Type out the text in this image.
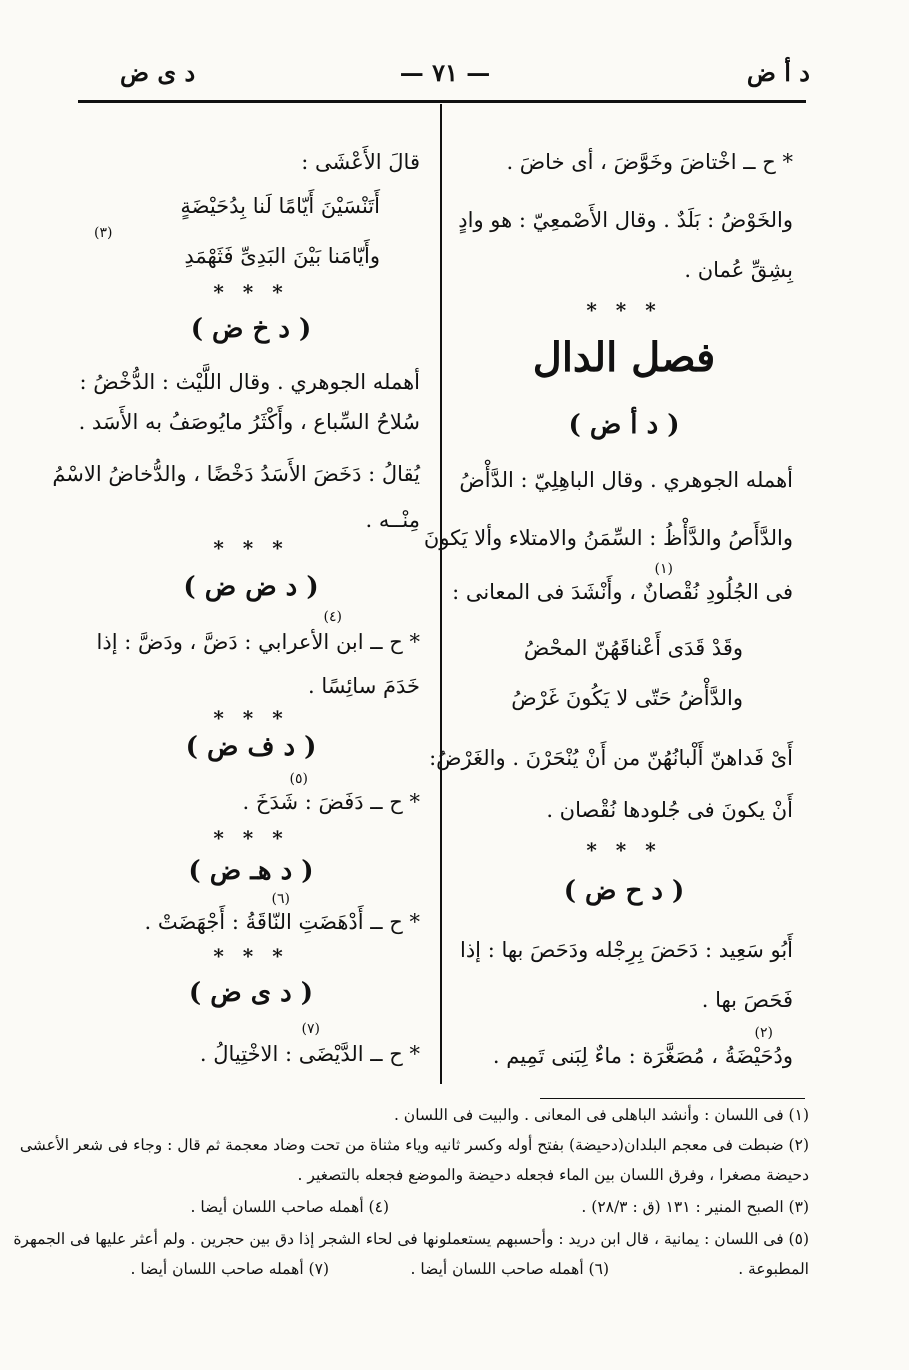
د أ ض
— ٧١ —
د ى ض
* ح ــ اخْتاضَ وخَوَّضَ ، أى خاضَ .
والخَوْضُ : بَلَدٌ . وقال الأَصْمعِيّ : هو وادٍ
بِشِقِّ عُمان .
* * *
فصل الدال
( د أ ض )
أهمله الجوهري . وقال الباهِلِيّ : الدَّأْضُ
والدَّأَصُ والدَّأْظُ : السِّمَنُ والامتلاء وألا يَكونَ
(١)
فى الجُلُودِ نُقْصانٌ ، وأَنْشَدَ فى المعانى :
وقَدْ قَدَى أَعْناقَهُنّ المحْضُ
والدَّأْضُ حَتّى لا يَكُونَ غَرْضُ
أَىْ فَداهنّ أَلْبانُهُنّ من أَنْ يُنْحَرْنَ . والغَرْضُ:
أَنْ يكونَ فى جُلودها نُقْصان .
* * *
( د ح ض )
أَبُو سَعِيد : دَحَضَ بِرِجْله ودَحَصَ بها : إذا
فَحَصَ بها .
(٢)
ودُحَيْضَةُ ، مُصَغَّرَة : ماءٌ لِبَنى تَمِيم .
قالَ الأَعْشَى :
أَتَنْسَيْنَ أَيّامًا لَنا بِدُحَيْضَةٍ
(٣)
وأَيّامَنا بَيْنَ البَدِىِّ فَثَهْمَدِ
* * *
( د خ ض )
أهمله الجوهري . وقال اللَّيْث : الدُّخْضُ :
سُلاحُ السِّباع ، وأَكْثَرُ مايُوصَفُ به الأَسَد .
يُقالُ : دَخَضَ الأَسَدُ دَخْضًا ، والدُّخاضُ الاسْمُ
مِنْــه .
* * *
( د ض ض )
(٤)
* ح ــ ابن الأعرابي : دَضَّ ، ودَضَّ : إذا
خَدَمَ سائِسًا .
* * *
( د ف ض )
(٥)
* ح ــ دَفَضَ : شَدَخَ .
* * *
( د هـ ض )
(٦)
* ح ــ أَدْهَضَتِ النّاقَةُ : أَجْهَضَتْ .
* * *
( د ى ض )
(٧)
* ح ــ الدَّيْضَى : الاخْتِيالُ .
(١) فى اللسان : وأنشد الباهلى فى المعانى . والبيت فى اللسان .
(٢) ضبطت فى معجم البلدان(دحيضة) بفتح أوله وكسر ثانيه وياء مثناة من تحت وضاد معجمة ثم قال : وجاء فى شعر الأعشى
دحيضة مصغرا ، وفرق اللسان بين الماء فجعله دحيضة والموضع فجعله بالتصغير .
(٣) الصبح المنير : ١٣١ (ق : ٢٨/٣) .
(٤) أهمله صاحب اللسان أيضا .
(٥) فى اللسان : يمانية ، قال ابن دريد : وأحسبهم يستعملونها فى لحاء الشجر إذا دق بين حجرين . ولم أعثر عليها فى الجمهرة
المطبوعة .
(٦) أهمله صاحب اللسان أيضا .
(٧) أهمله صاحب اللسان أيضا .
